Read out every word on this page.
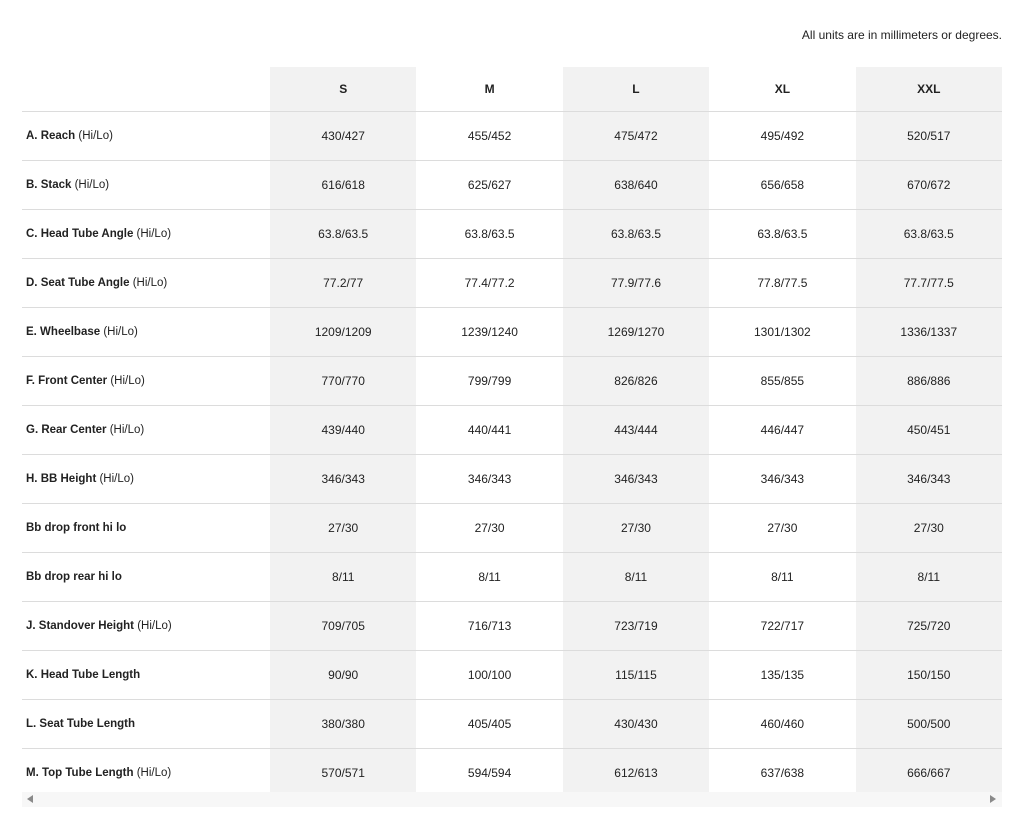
All units are in millimeters or degrees.
	S	M	L	XL	XXL
A. Reach (Hi/Lo)	430/427	455/452	475/472	495/492	520/517
B. Stack (Hi/Lo)	616/618	625/627	638/640	656/658	670/672
C. Head Tube Angle (Hi/Lo)	63.8/63.5	63.8/63.5	63.8/63.5	63.8/63.5	63.8/63.5
D. Seat Tube Angle (Hi/Lo)	77.2/77	77.4/77.2	77.9/77.6	77.8/77.5	77.7/77.5
E. Wheelbase (Hi/Lo)	1209/1209	1239/1240	1269/1270	1301/1302	1336/1337
F. Front Center (Hi/Lo)	770/770	799/799	826/826	855/855	886/886
G. Rear Center (Hi/Lo)	439/440	440/441	443/444	446/447	450/451
H. BB Height (Hi/Lo)	346/343	346/343	346/343	346/343	346/343
Bb drop front hi lo	27/30	27/30	27/30	27/30	27/30
Bb drop rear hi lo	8/11	8/11	8/11	8/11	8/11
J. Standover Height (Hi/Lo)	709/705	716/713	723/719	722/717	725/720
K. Head Tube Length	90/90	100/100	115/115	135/135	150/150
L. Seat Tube Length	380/380	405/405	430/430	460/460	500/500
M. Top Tube Length (Hi/Lo)	570/571	594/594	612/613	637/638	666/667
